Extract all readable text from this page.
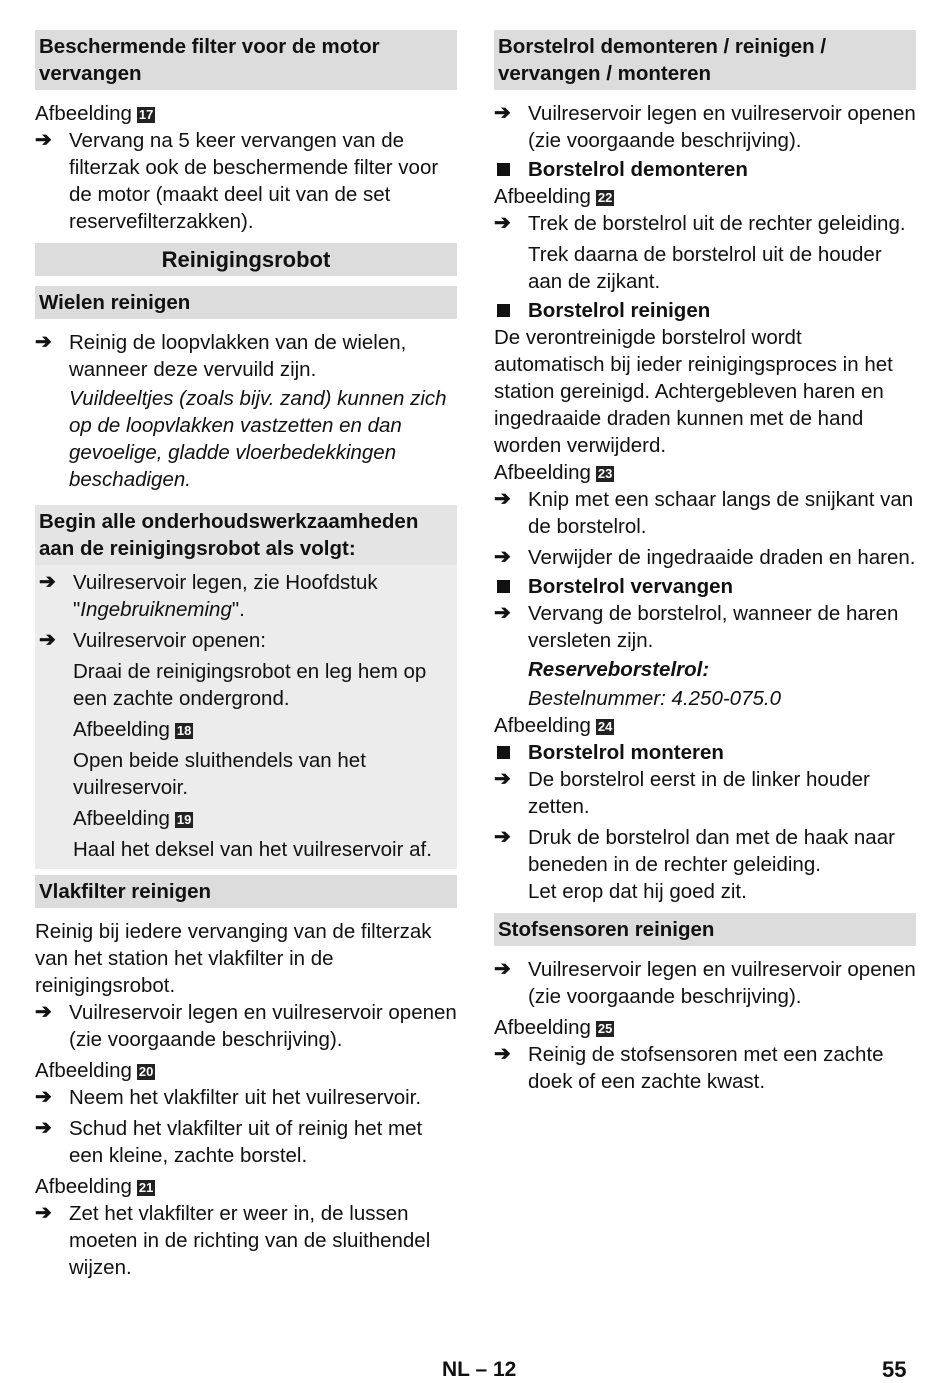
Beschermende filter voor de motor vervangen
Afbeelding 17
➔ Vervang na 5 keer vervangen van de filterzak ook de beschermende filter voor de motor (maakt deel uit van de set reservefilterzakken).
Reinigingsrobot
Wielen reinigen
➔ Reinig de loopvlakken van de wielen, wanneer deze vervuild zijn.
Vuildeeltjes (zoals bijv. zand) kunnen zich op de loopvlakken vastzetten en dan gevoelige, gladde vloerbedekkingen beschadigen.
Begin alle onderhoudswerkzaamheden aan de reinigingsrobot als volgt:
➔ Vuilreservoir legen, zie Hoofdstuk "Ingebruikneming".
➔ Vuilreservoir openen:
Draai de reinigingsrobot en leg hem op een zachte ondergrond.
Afbeelding 18
Open beide sluithendels van het vuilreservoir.
Afbeelding 19
Haal het deksel van het vuilreservoir af.
Vlakfilter reinigen
Reinig bij iedere vervanging van de filterzak van het station het vlakfilter in de reinigingsrobot.
➔ Vuilreservoir legen en vuilreservoir openen (zie voorgaande beschrijving).
Afbeelding 20
➔ Neem het vlakfilter uit het vuilreservoir.
➔ Schud het vlakfilter uit of reinig het met een kleine, zachte borstel.
Afbeelding 21
➔ Zet het vlakfilter er weer in, de lussen moeten in de richting van de sluithendel wijzen.
Borstelrol demonteren / reinigen / vervangen / monteren
➔ Vuilreservoir legen en vuilreservoir openen (zie voorgaande beschrijving).
Borstelrol demonteren
Afbeelding 22
➔ Trek de borstelrol uit de rechter geleiding.
Trek daarna de borstelrol uit de houder aan de zijkant.
Borstelrol reinigen
De verontreinigde borstelrol wordt automatisch bij ieder reinigingsproces in het station gereinigd. Achtergebleven haren en ingedraaide draden kunnen met de hand worden verwijderd.
Afbeelding 23
➔ Knip met een schaar langs de snijkant van de borstelrol.
➔ Verwijder de ingedraaide draden en haren.
Borstelrol vervangen
➔ Vervang de borstelrol, wanneer de haren versleten zijn.
Reserveborstelrol:
Bestelnummer: 4.250-075.0
Afbeelding 24
Borstelrol monteren
➔ De borstelrol eerst in de linker houder zetten.
➔ Druk de borstelrol dan met de haak naar beneden in de rechter geleiding.
Let erop dat hij goed zit.
Stofsensoren reinigen
➔ Vuilreservoir legen en vuilreservoir openen (zie voorgaande beschrijving).
Afbeelding 25
➔ Reinig de stofsensoren met een zachte doek of een zachte kwast.
NL – 12	55
